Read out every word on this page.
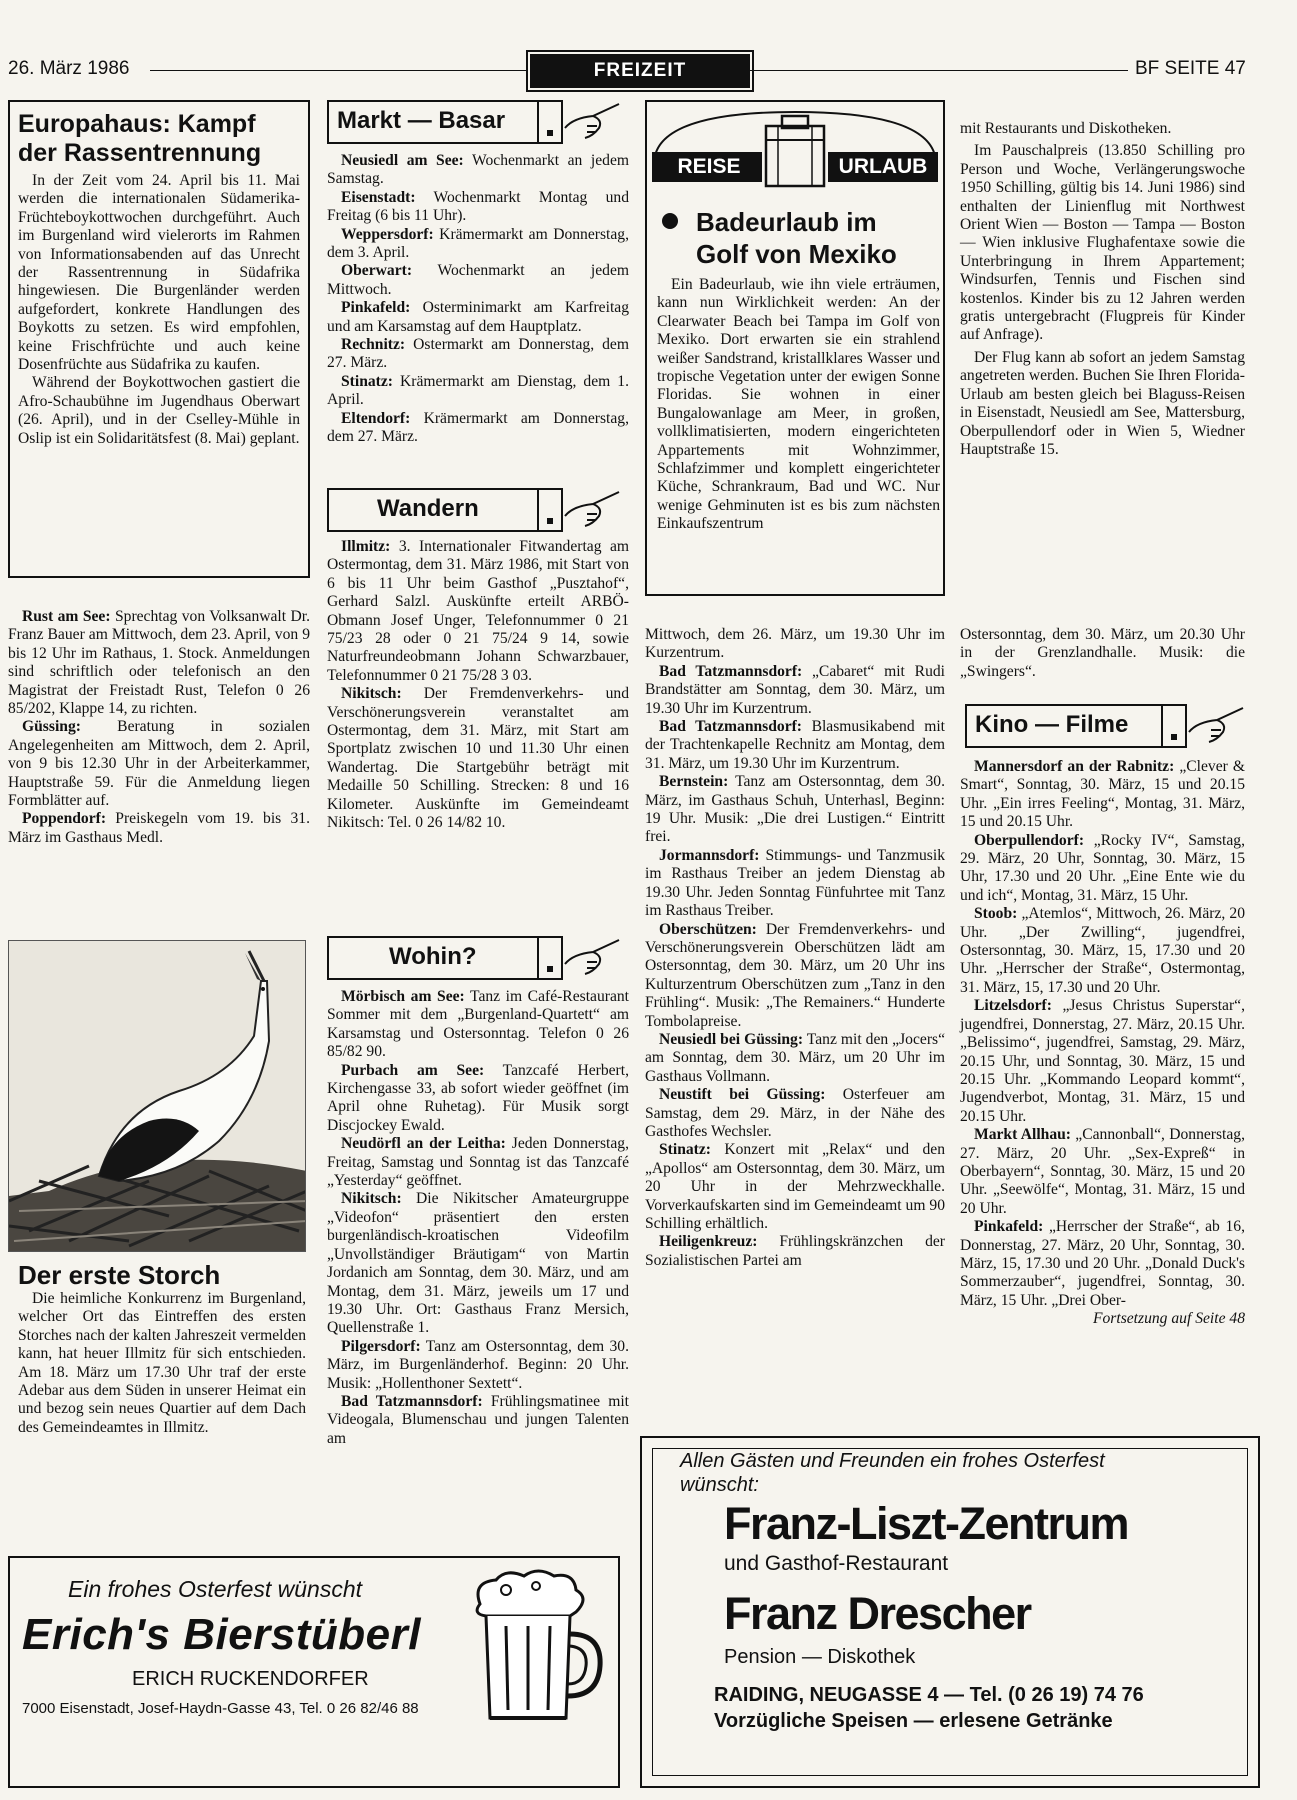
26. März 1986	FREIZEIT	BF SEITE 47
Europahaus: Kampf der Rassentrennung

In der Zeit vom 24. April bis 11. Mai werden die internationalen Südamerika-Früchteboykottwochen durchgeführt. Auch im Burgenland wird vielerorts im Rahmen von Informationsabenden auf das Unrecht der Rassentrennung in Südafrika hingewiesen. Die Burgenländer werden aufgefordert, konkrete Handlungen des Boykotts zu setzen. Es wird empfohlen, keine Frischfrüchte und auch keine Dosenfrüchte aus Südafrika zu kaufen.

Während der Boykottwochen gastiert die Afro-Schaubühne im Jugendhaus Oberwart (26. April), und in der Cselley-Mühle in Oslip ist ein Solidaritätsfest (8. Mai) geplant.

Rust am See: Sprechtag von Volksanwalt Dr. Franz Bauer am Mittwoch, dem 23. April, von 9 bis 12 Uhr im Rathaus, 1. Stock. Anmeldungen sind schriftlich oder telefonisch an den Magistrat der Freistadt Rust, Telefon 0 26 85/202, Klappe 14, zu richten.

Güssing: Beratung in sozialen Angelegenheiten am Mittwoch, dem 2. April, von 9 bis 12.30 Uhr in der Arbeiterkammer, Hauptstraße 59. Für die Anmeldung liegen Formblätter auf.

Poppendorf: Preiskegeln vom 19. bis 31. März im Gasthaus Medl.

Der erste Storch

Die heimliche Konkurrenz im Burgenland, welcher Ort das Eintreffen des ersten Storches nach der kalten Jahreszeit vermelden kann, hat heuer Illmitz für sich entschieden. Am 18. März um 17.30 Uhr traf der erste Adebar aus dem Süden in unserer Heimat ein und bezog sein neues Quartier auf dem Dach des Gemeindeamtes in Illmitz.

Markt — Basar

Neusiedl am See: Wochenmarkt an jedem Samstag.

Eisenstadt: Wochenmarkt Montag und Freitag (6 bis 11 Uhr).

Weppersdorf: Krämermarkt am Donnerstag, dem 3. April.

Oberwart: Wochenmarkt an jedem Mittwoch.

Pinkafeld: Osterminimarkt am Karfreitag und am Karsamstag auf dem Hauptplatz.

Rechnitz: Ostermarkt am Donnerstag, dem 27. März.

Stinatz: Krämermarkt am Dienstag, dem 1. April.

Eltendorf: Krämermarkt am Donnerstag, dem 27. März.

Wandern

Illmitz: 3. Internationaler Fitwandertag am Ostermontag, dem 31. März 1986, mit Start von 6 bis 11 Uhr beim Gasthof „Pusztahof“, Gerhard Salzl. Auskünfte erteilt ARBÖ-Obmann Josef Unger, Telefonnummer 0 21 75/23 28 oder 0 21 75/24 9 14, sowie Naturfreundeobmann Johann Schwarzbauer, Telefonnummer 0 21 75/28 3 03.

Nikitsch: Der Fremdenverkehrs- und Verschönerungsverein veranstaltet am Ostermontag, dem 31. März, mit Start am Sportplatz zwischen 10 und 11.30 Uhr einen Wandertag. Die Startgebühr beträgt mit Medaille 50 Schilling. Strecken: 8 und 16 Kilometer. Auskünfte im Gemeindeamt Nikitsch: Tel. 0 26 14/82 10.

Wohin?

Mörbisch am See: Tanz im Café-Restaurant Sommer mit dem „Burgenland-Quartett“ am Karsamstag und Ostersonntag. Telefon 0 26 85/82 90.

Purbach am See: Tanzcafé Herbert, Kirchengasse 33, ab sofort wieder geöffnet (im April ohne Ruhetag). Für Musik sorgt Discjockey Ewald.

Neudörfl an der Leitha: Jeden Donnerstag, Freitag, Samstag und Sonntag ist das Tanzcafé „Yesterday“ geöffnet.

Nikitsch: Die Nikitscher Amateurgruppe „Videofon“ präsentiert den ersten burgenländisch-kroatischen Videofilm „Unvollständiger Bräutigam“ von Martin Jordanich am Sonntag, dem 30. März, und am Montag, dem 31. März, jeweils um 17 und 19.30 Uhr. Ort: Gasthaus Franz Mersich, Quellenstraße 1.

Pilgersdorf: Tanz am Ostersonntag, dem 30. März, im Burgenländerhof. Beginn: 20 Uhr. Musik: „Hollenthoner Sextett“.

Bad Tatzmannsdorf: Frühlingsmatinee mit Videogala, Blumenschau und jungen Talenten am

REISE	URLAUB
Badeurlaub im Golf von Mexiko

Ein Badeurlaub, wie ihn viele erträumen, kann nun Wirklichkeit werden: An der Clearwater Beach bei Tampa im Golf von Mexiko. Dort erwarten sie ein strahlend weißer Sandstrand, kristallklares Wasser und tropische Vegetation unter der ewigen Sonne Floridas. Sie wohnen in einer Bungalowanlage am Meer, in großen, vollklimatisierten, modern eingerichteten Appartements mit Wohnzimmer, Schlafzimmer und komplett eingerichteter Küche, Schrankraum, Bad und WC. Nur wenige Gehminuten ist es bis zum nächsten Einkaufszentrum

mit Restaurants und Diskotheken.

Im Pauschalpreis (13.850 Schilling pro Person und Woche, Verlängerungswoche 1950 Schilling, gültig bis 14. Juni 1986) sind enthalten der Linienflug mit Northwest Orient Wien — Boston — Tampa — Boston — Wien inklusive Flughafentaxe sowie die Unterbringung in Ihrem Appartement; Windsurfen, Tennis und Fischen sind kostenlos. Kinder bis zu 12 Jahren werden gratis untergebracht (Flugpreis für Kinder auf Anfrage).

Der Flug kann ab sofort an jedem Samstag angetreten werden. Buchen Sie Ihren Florida-Urlaub am besten gleich bei Blaguss-Reisen in Eisenstadt, Neusiedl am See, Mattersburg, Oberpullendorf oder in Wien 5, Wiedner Hauptstraße 15.

Mittwoch, dem 26. März, um 19.30 Uhr im Kurzentrum.

Bad Tatzmannsdorf: „Cabaret“ mit Rudi Brandstätter am Sonntag, dem 30. März, um 19.30 Uhr im Kurzentrum.

Bad Tatzmannsdorf: Blasmusikabend mit der Trachtenkapelle Rechnitz am Montag, dem 31. März, um 19.30 Uhr im Kurzentrum.

Bernstein: Tanz am Ostersonntag, dem 30. März, im Gasthaus Schuh, Unterhasl, Beginn: 19 Uhr. Musik: „Die drei Lustigen.“ Eintritt frei.

Jormannsdorf: Stimmungs- und Tanzmusik im Rasthaus Treiber an jedem Dienstag ab 19.30 Uhr. Jeden Sonntag Fünfuhrtee mit Tanz im Rasthaus Treiber.

Oberschützen: Der Fremdenverkehrs- und Verschönerungsverein Oberschützen lädt am Ostersonntag, dem 30. März, um 20 Uhr ins Kulturzentrum Oberschützen zum „Tanz in den Frühling“. Musik: „The Remainers.“ Hunderte Tombolapreise.

Neusiedl bei Güssing: Tanz mit den „Jocers“ am Sonntag, dem 30. März, um 20 Uhr im Gasthaus Vollmann.

Neustift bei Güssing: Osterfeuer am Samstag, dem 29. März, in der Nähe des Gasthofes Wechsler.

Stinatz: Konzert mit „Relax“ und den „Apollos“ am Ostersonntag, dem 30. März, um 20 Uhr in der Mehrzweckhalle. Vorverkaufskarten sind im Gemeindeamt um 90 Schilling erhältlich.

Heiligenkreuz: Frühlingskränzchen der Sozialistischen Partei am

Ostersonntag, dem 30. März, um 20.30 Uhr in der Grenzlandhalle. Musik: die „Swingers“.

Kino — Filme

Mannersdorf an der Rabnitz: „Clever & Smart“, Sonntag, 30. März, 15 und 20.15 Uhr. „Ein irres Feeling“, Montag, 31. März, 15 und 20.15 Uhr.

Oberpullendorf: „Rocky IV“, Samstag, 29. März, 20 Uhr, Sonntag, 30. März, 15 Uhr, 17.30 und 20 Uhr. „Eine Ente wie du und ich“, Montag, 31. März, 15 Uhr.

Stoob: „Atemlos“, Mittwoch, 26. März, 20 Uhr. „Der Zwilling“, jugendfrei, Ostersonntag, 30. März, 15, 17.30 und 20 Uhr. „Herrscher der Straße“, Ostermontag, 31. März, 15, 17.30 und 20 Uhr.

Litzelsdorf: „Jesus Christus Superstar“, jugendfrei, Donnerstag, 27. März, 20.15 Uhr. „Belissimo“, jugendfrei, Samstag, 29. März, 20.15 Uhr, und Sonntag, 30. März, 15 und 20.15 Uhr. „Kommando Leopard kommt“, Jugendverbot, Montag, 31. März, 15 und 20.15 Uhr.

Markt Allhau: „Cannonball“, Donnerstag, 27. März, 20 Uhr. „Sex-Expreß“ in Oberbayern“, Sonntag, 30. März, 15 und 20 Uhr. „Seewölfe“, Montag, 31. März, 15 und 20 Uhr.

Pinkafeld: „Herrscher der Straße“, ab 16, Donnerstag, 27. März, 20 Uhr, Sonntag, 30. März, 15, 17.30 und 20 Uhr. „Donald Duck's Sommerzauber“, jugendfrei, Sonntag, 30. März, 15 Uhr. „Drei Ober-

Fortsetzung auf Seite 48

Ein frohes Osterfest wünscht
Erich's Bierstüberl
ERICH RUCKENDORFER
7000 Eisenstadt, Josef-Haydn-Gasse 43, Tel. 0 26 82/46 88
Allen Gästen und Freunden ein frohes Osterfest
wünscht:
Franz-Liszt-Zentrum
und Gasthof-Restaurant
Franz Drescher
Pension — Diskothek
RAIDING, NEUGASSE 4 — Tel. (0 26 19) 74 76
Vorzügliche Speisen — erlesene Getränke
